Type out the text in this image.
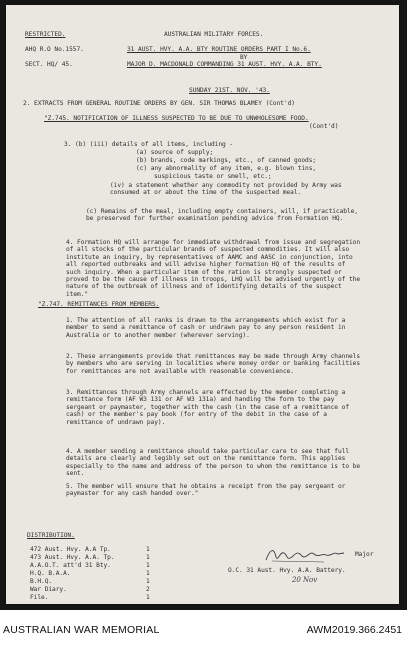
RESTRICTED.
AHQ R.O No.1557.
SECT. HQ/ 45.
AUSTRALIAN MILITARY FORCES.
31 AUST. HVY. A.A. BTY ROUTINE ORDERS PART I No.6.
BY
MAJOR D. MACDONALD COMMANDING 31 AUST. HVY. A.A. BTY.
SUNDAY 21ST. NOV. '43.
2. EXTRACTS FROM GENERAL ROUTINE ORDERS BY GEN. SIR THOMAS BLAMEY (Cont'd)
"Z.745. NOTIFICATION OF ILLNESS SUSPECTED TO BE DUE TO UNWHOLESOME FOOD.
(Cont'd)
3. (b) (iii) details of all items, including -
(a) source of supply;
(b) brands, code markings, etc., of canned goods;
(c) any abnormality of any item, e.g. blown tins,
suspicious taste or smell, etc.;
(iv) a statement whether any commodity not provided by Army was consumed at or about the time of the suspected meal.
(c) Remains of the meal, including empty containers, will, if practicable, be preserved for further examination pending advice from Formation HQ.
4. Formation HQ will arrange for immediate withdrawal from issue and segregation of all stocks of the particular brands of suspected commodities. It will also institute an inquiry, by representatives of AAMC and AASC in conjunction, into all reported outbreaks and will advise higher formation HQ of the results of such inquiry. When a particular item of the ration is strongly suspected or proved to be the cause of illness in troops, LHQ will be advised urgently of the nature of the outbreak of illness and of identifying details of the suspect item."
"Z.747. REMITTANCES FROM MEMBERS.
1. The attention of all ranks is drawn to the arrangements which exist for a member to send a remittance of cash or undrawn pay to any person resident in Australia or to another member (wherever serving).
2. These arrangements provide that remittances may be made through Army channels by members who are serving in localities where money order or banking facilities for remittances are not available with reasonable convenience.
3. Remittances through Army channels are effected by the member completing a remittance form (AF W3 131 or AF W3 131a) and handing the form to the pay sergeant or paymaster, together with the cash (in the case of a remittance of cash) or the member's pay book (for entry of the debit in the case of a remittance of undrawn pay).
4. A member sending a remittance should take particular care to see that full details are clearly and legibly set out on the remittance form. This applies especially to the name and address of the person to whom the remittance is to be sent.
5. The member will ensure that he obtains a receipt from the pay sergeant or paymaster for any cash handed over."
DISTRIBUTION.
472 Aust. Hvy. A.A Tp.	1
473 Aust. Hvy. A.A. Tp.	1
A.A.O.T. att'd 31 Bty.	1
H.Q. B.A.A.	1
B.H.Q.	1
War Diary.	2
File.	1
Major
O.C. 31 Aust. Hvy. A.A. Battery.
20 Nov
AUSTRALIAN WAR MEMORIAL	AWM2019.366.2451
